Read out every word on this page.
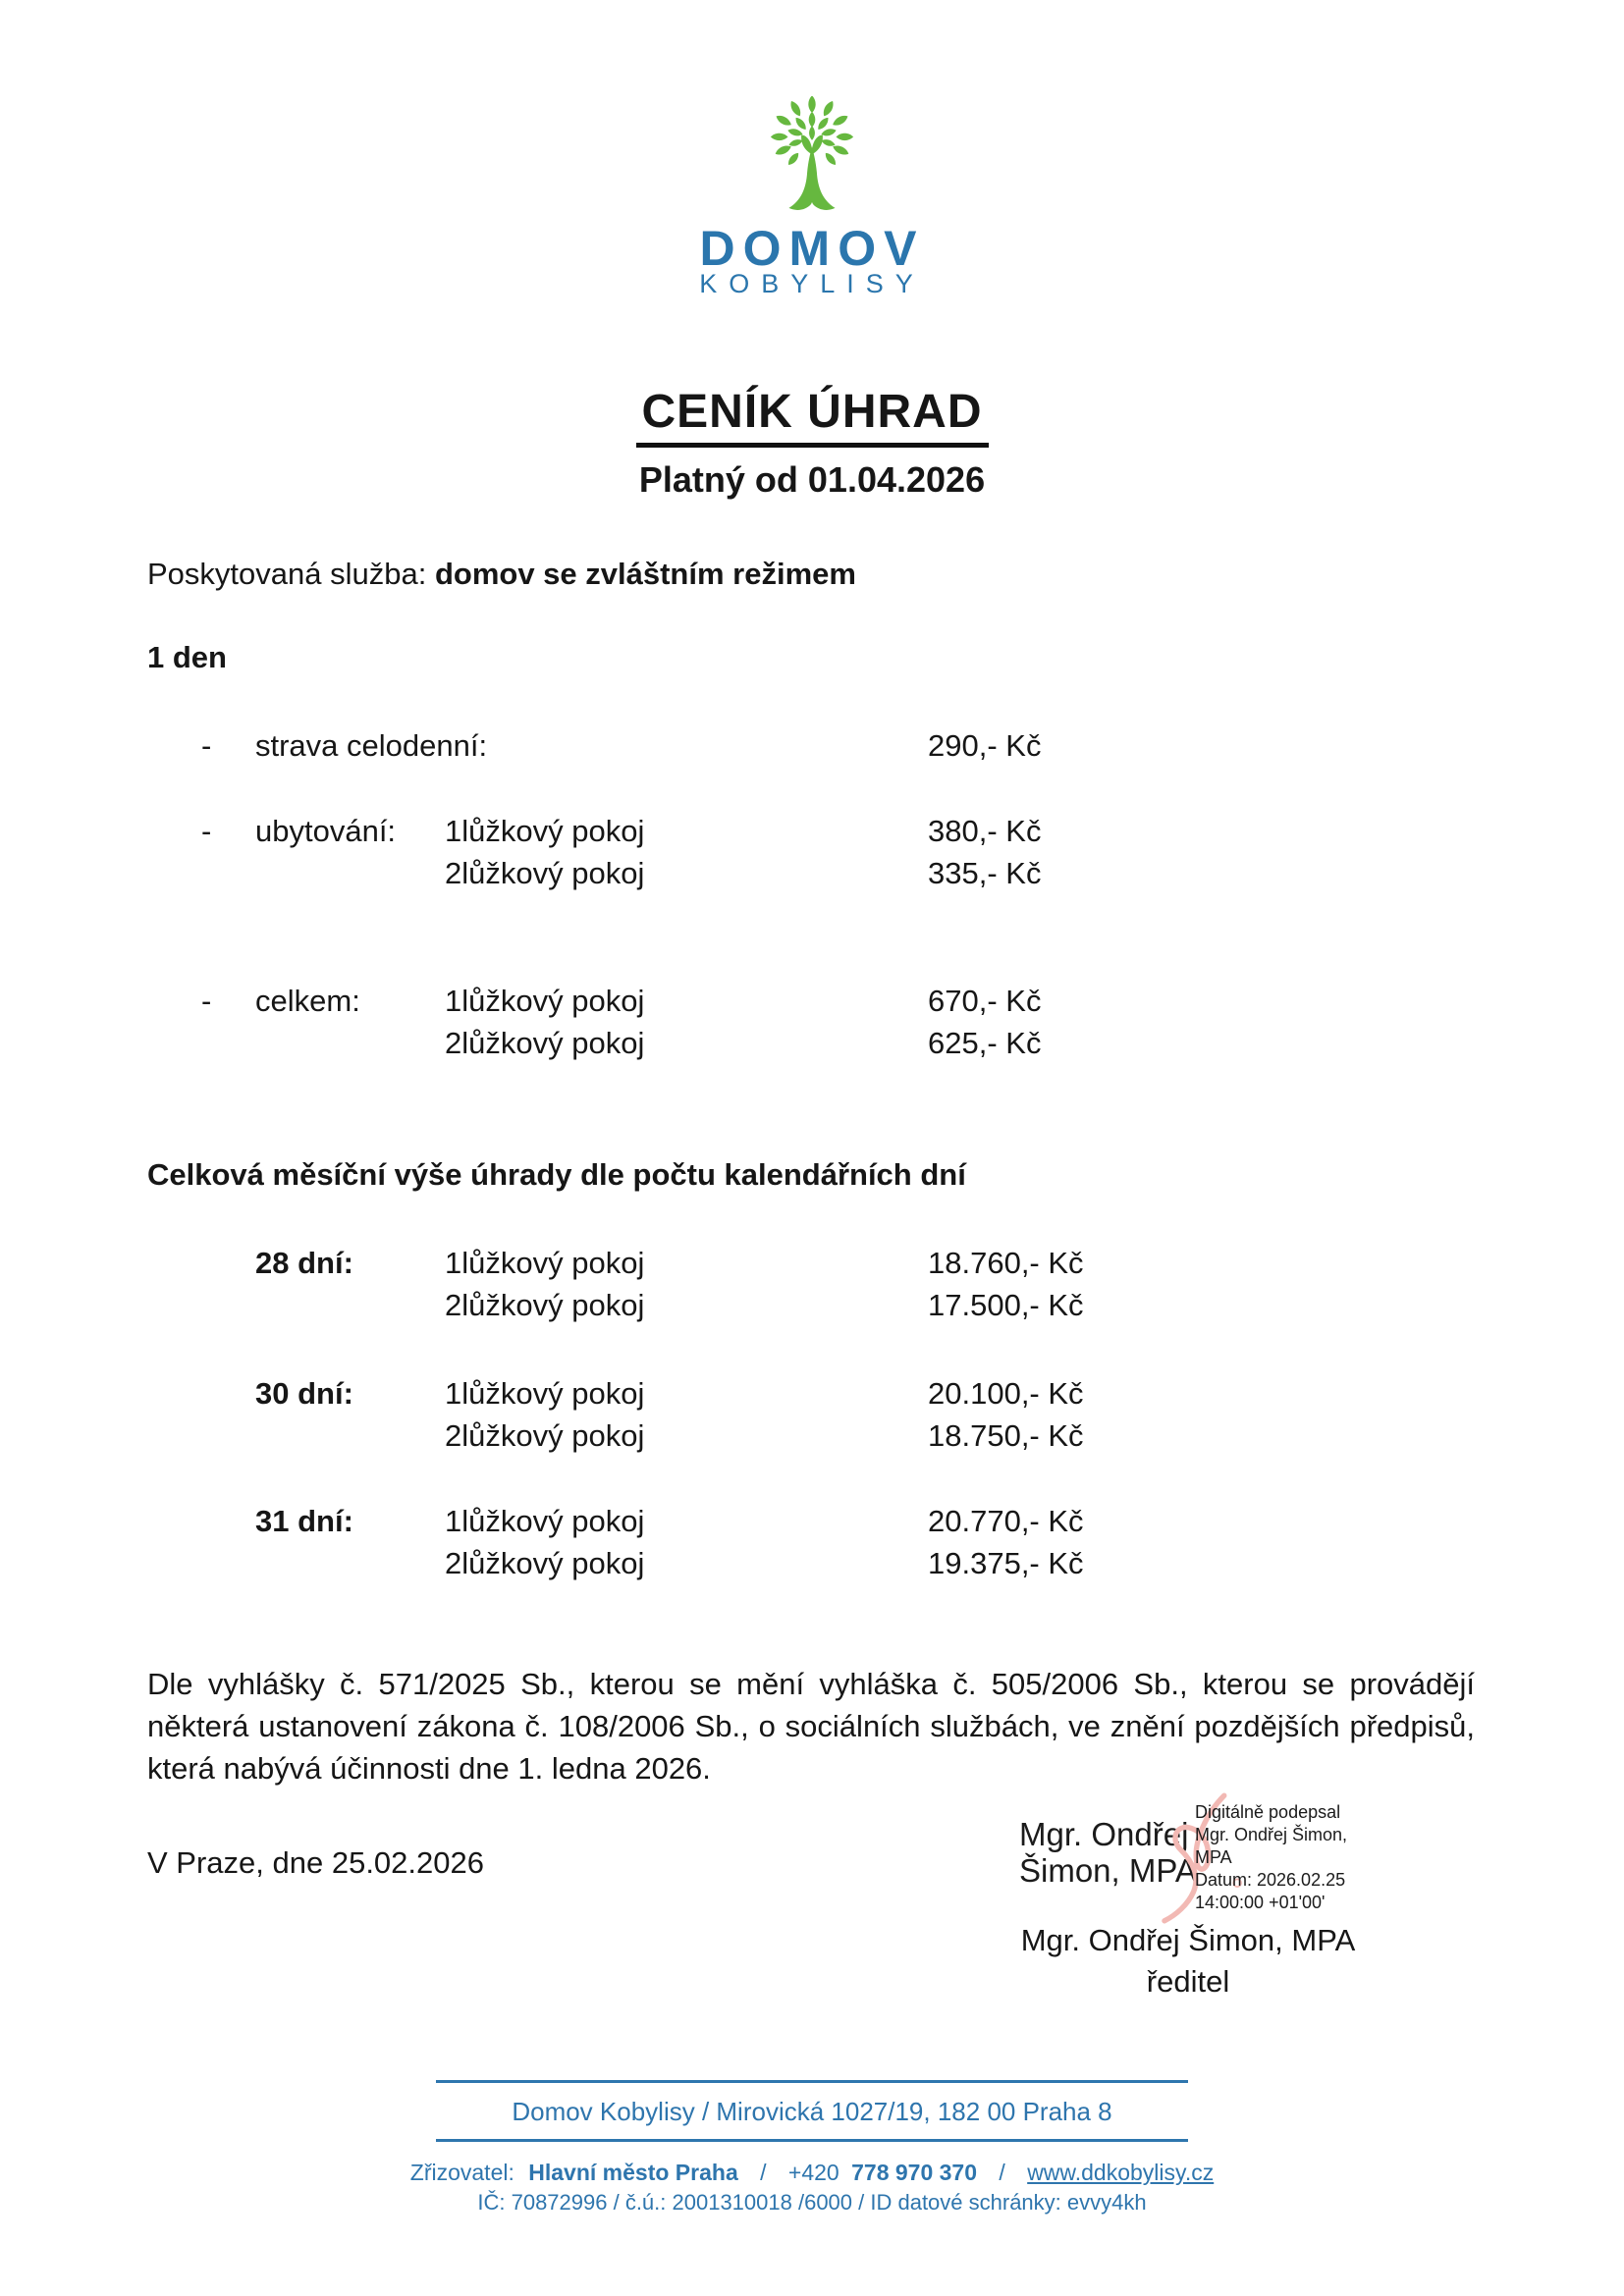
DOMOV
KOBYLISY
CENÍK ÚHRAD
Platný od 01.04.2026
Poskytovaná služba: domov se zvláštním režimem
1 den
- strava celodenní:	290,- Kč
- ubytování: 1lůžkový pokoj	380,- Kč
2lůžkový pokoj	335,- Kč
- celkem:	1lůžkový pokoj	670,- Kč
2lůžkový pokoj	625,- Kč
Celková měsíční výše úhrady dle počtu kalendářních dní
28 dní:	1lůžkový pokoj	18.760,- Kč
2lůžkový pokoj	17.500,- Kč
30 dní:	1lůžkový pokoj	20.100,- Kč
2lůžkový pokoj	18.750,- Kč
31 dní:	1lůžkový pokoj	20.770,- Kč
2lůžkový pokoj	19.375,- Kč
Dle vyhlášky č. 571/2025 Sb., kterou se mění vyhláška č. 505/2006 Sb., kterou se provádějí některá ustanovení zákona č. 108/2006 Sb., o sociálních službách, ve znění pozdějších předpisů, která nabývá účinnosti dne 1. ledna 2026.
V Praze, dne 25.02.2026
Mgr. Ondřej
Šimon, MPA
Digitálně podepsal
Mgr. Ondřej Šimon,
MPA
Datum: 2026.02.25
14:00:00 +01'00'
Mgr. Ondřej Šimon, MPA
ředitel
Domov Kobylisy / Mirovická 1027/19, 182 00 Praha 8
Zřizovatel: Hlavní město Praha / +420 778 970 370 / www.ddkobylisy.cz
IČ: 70872996 / č.ú.: 2001310018 /6000 / ID datové schránky: evvy4kh
